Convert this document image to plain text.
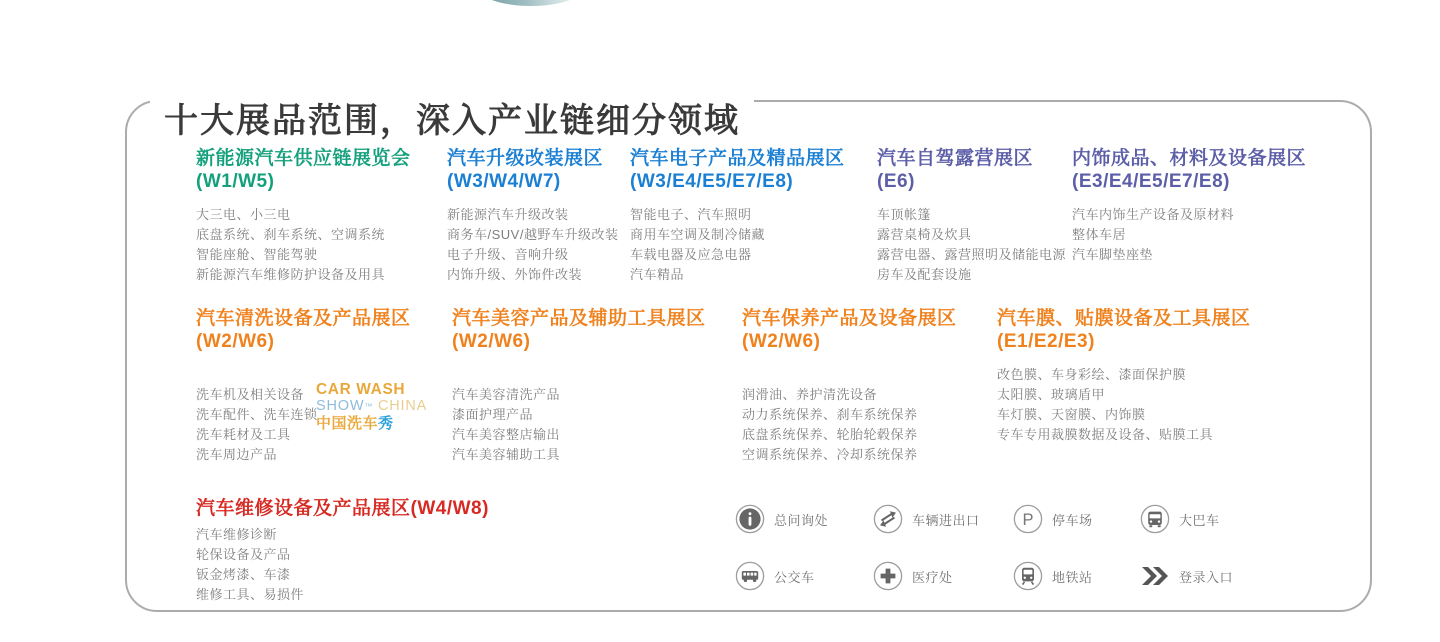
十大展品范围，深入产业链细分领域
新能源汽车供应链展览会
(W1/W5)
大三电、小三电
底盘系统、刹车系统、空调系统
智能座舱、智能驾驶
新能源汽车维修防护设备及用具
汽车升级改装展区
(W3/W4/W7)
新能源汽车升级改装
商务车/SUV/越野车升级改装
电子升级、音响升级
内饰升级、外饰件改装
汽车电子产品及精品展区
(W3/E4/E5/E7/E8)
智能电子、汽车照明
商用车空调及制冷储藏
车载电器及应急电器
汽车精品
汽车自驾露营展区
(E6)
车顶帐篷
露营桌椅及炊具
露营电器、露营照明及储能电源
房车及配套设施
内饰成品、材料及设备展区
(E3/E4/E5/E7/E8)
汽车内饰生产设备及原材料
整体车居
汽车脚垫座垫
汽车清洗设备及产品展区
(W2/W6)
洗车机及相关设备
洗车配件、洗车连锁
洗车耗材及工具
洗车周边产品
CAR WASH
SHOW™ CHINA
中国洗车秀
汽车美容产品及辅助工具展区
(W2/W6)
汽车美容清洗产品
漆面护理产品
汽车美容整店输出
汽车美容辅助工具
汽车保养产品及设备展区
(W2/W6)
润滑油、养护清洗设备
动力系统保养、刹车系统保养
底盘系统保养、轮胎轮毂保养
空调系统保养、冷却系统保养
汽车膜、贴膜设备及工具展区
(E1/E2/E3)
改色膜、车身彩绘、漆面保护膜
太阳膜、玻璃盾甲
车灯膜、天窗膜、内饰膜
专车专用裁膜数据及设备、贴膜工具
汽车维修设备及产品展区(W4/W8)
汽车维修诊断
轮保设备及产品
钣金烤漆、车漆
维修工具、易损件
总问询处	车辆进出口	P 停车场	大巴车
公交车	医疗处	地铁站	登录入口
